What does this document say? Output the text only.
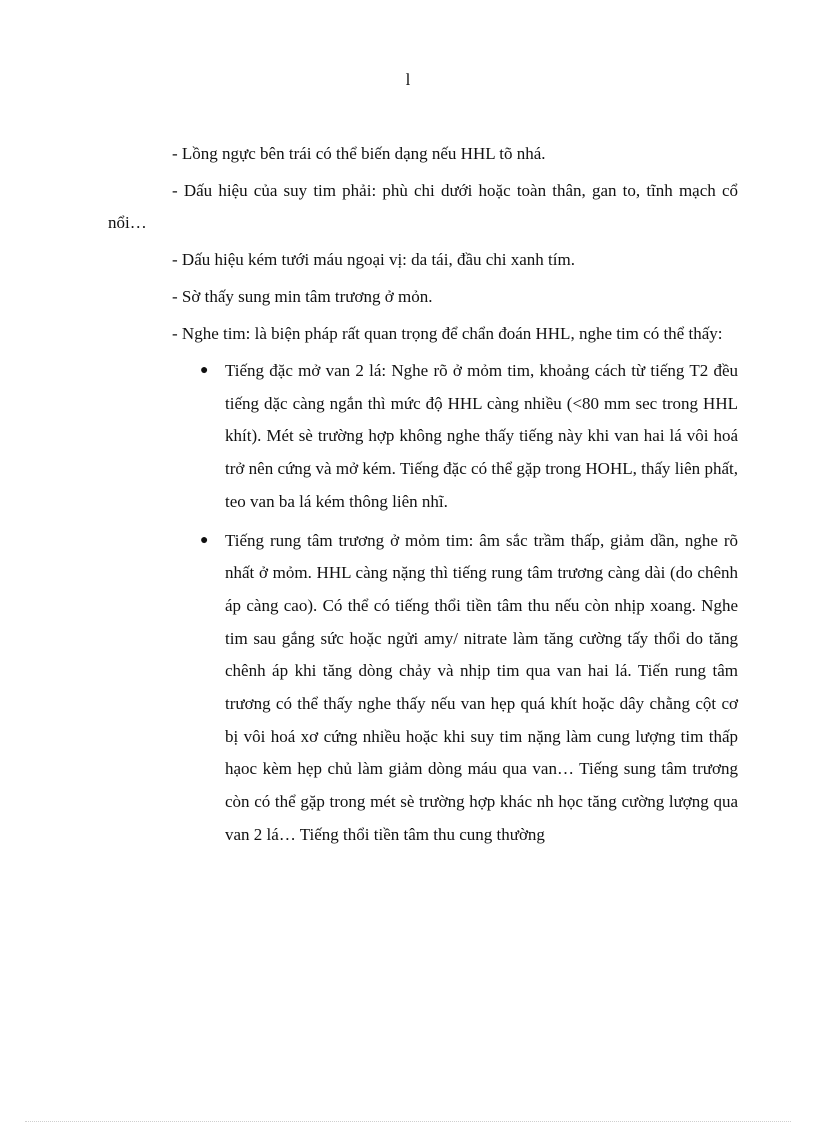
l

- Lồng ngực bên trái có thể biến dạng nếu HHL tõ nhá.

- Dấu hiệu của suy tim phải: phù chi dưới hoặc toàn thân, gan to, tĩnh mạch cổ nổi…

- Dấu hiệu kém tưới máu ngoại vị: da tái, đầu chi xanh tím.

- Sờ thấy sung min tâm trương ở mỏn.

- Nghe tim: là biện pháp rất quan trọng để chẩn đoán HHL, nghe tim có thể thấy:

● Tiếng đặc mở van 2 lá: Nghe rõ ở mỏm tim, khoảng cách từ tiếng T2 đều tiếng dặc càng ngắn thì mức độ HHL càng nhiều (<80 mm sec trong HHL khít). Mét sè trường hợp không nghe thấy tiếng này khi van hai lá vôi hoá trở nên cứng và mở kém. Tiếng đặc có thể gặp trong HOHL, thấy liên phất, teo van ba lá kém thông liên nhĩ.
● Tiếng rung tâm trương ở mỏm tim: âm sắc trầm thấp, giảm dần, nghe rõ nhất ở mỏm. HHL càng nặng thì tiếng rung tâm trương càng dài (do chênh áp càng cao). Có thể có tiếng thổi tiền tâm thu nếu còn nhịp xoang. Nghe tim sau gắng sức hoặc ngửi amy/ nitrate làm tăng cường tấy thổi do tăng chênh áp khi tăng dòng chảy và nhịp tim qua van hai lá. Tiến rung tâm trương có thể thấy nghe thấy nếu van hẹp quá khít hoặc dây chằng cột cơ bị vôi hoá xơ cứng nhiều hoặc khi suy tim nặng làm cung lượng tim thấp hạoc kèm hẹp chủ làm giảm dòng máu qua van… Tiếng sung tâm trương còn có thể gặp trong mét sè trường hợp khác nh học tăng cường lượng qua van 2 lá… Tiếng thổi tiền tâm thu cung thường
